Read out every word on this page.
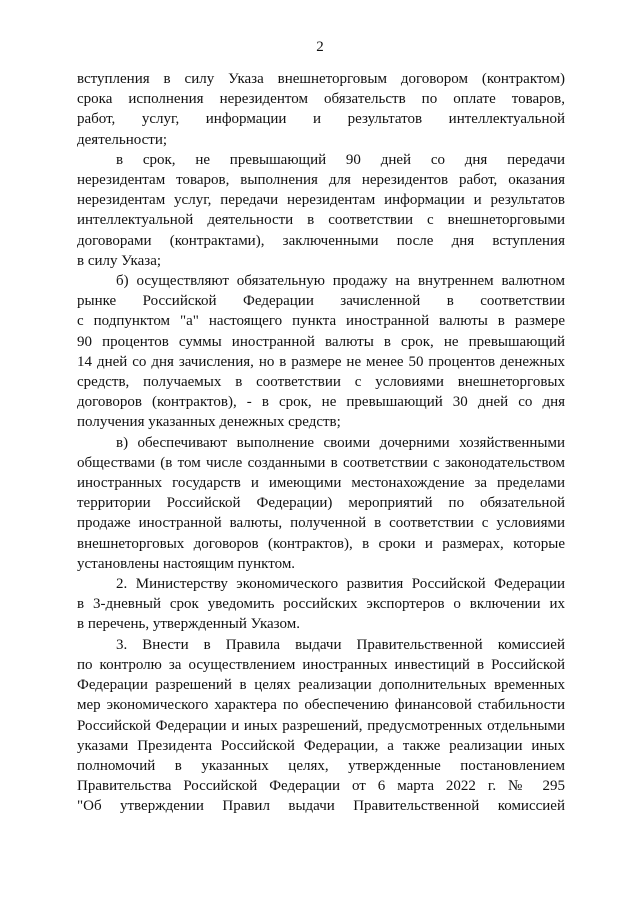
2
вступления в силу Указа внешнеторговым договором (контрактом)
срока исполнения нерезидентом обязательств по оплате товаров,
работ, услуг, информации и результатов интеллектуальной
деятельности;
в срок, не превышающий 90 дней со дня передачи
нерезидентам товаров, выполнения для нерезидентов работ, оказания
нерезидентам услуг, передачи нерезидентам информации и результатов
интеллектуальной деятельности в соответствии с внешнеторговыми
договорами (контрактами), заключенными после дня вступления
в силу Указа;
б) осуществляют обязательную продажу на внутреннем валютном
рынке Российской Федерации зачисленной в соответствии
с подпунктом "а" настоящего пункта иностранной валюты в размере
90 процентов суммы иностранной валюты в срок, не превышающий
14 дней со дня зачисления, но в размере не менее 50 процентов денежных
средств, получаемых в соответствии с условиями внешнеторговых
договоров (контрактов), - в срок, не превышающий 30 дней со дня
получения указанных денежных средств;
в) обеспечивают выполнение своими дочерними хозяйственными
обществами (в том числе созданными в соответствии с законодательством
иностранных государств и имеющими местонахождение за пределами
территории Российской Федерации) мероприятий по обязательной
продаже иностранной валюты, полученной в соответствии с условиями
внешнеторговых договоров (контрактов), в сроки и размерах, которые
установлены настоящим пунктом.
2. Министерству экономического развития Российской Федерации
в 3-дневный срок уведомить российских экспортеров о включении их
в перечень, утвержденный Указом.
3. Внести в Правила выдачи Правительственной комиссией
по контролю за осуществлением иностранных инвестиций в Российской
Федерации разрешений в целях реализации дополнительных временных
мер экономического характера по обеспечению финансовой стабильности
Российской Федерации и иных разрешений, предусмотренных отдельными
указами Президента Российской Федерации, а также реализации иных
полномочий в указанных целях, утвержденные постановлением
Правительства Российской Федерации от 6 марта 2022 г. № 295
"Об утверждении Правил выдачи Правительственной комиссией
